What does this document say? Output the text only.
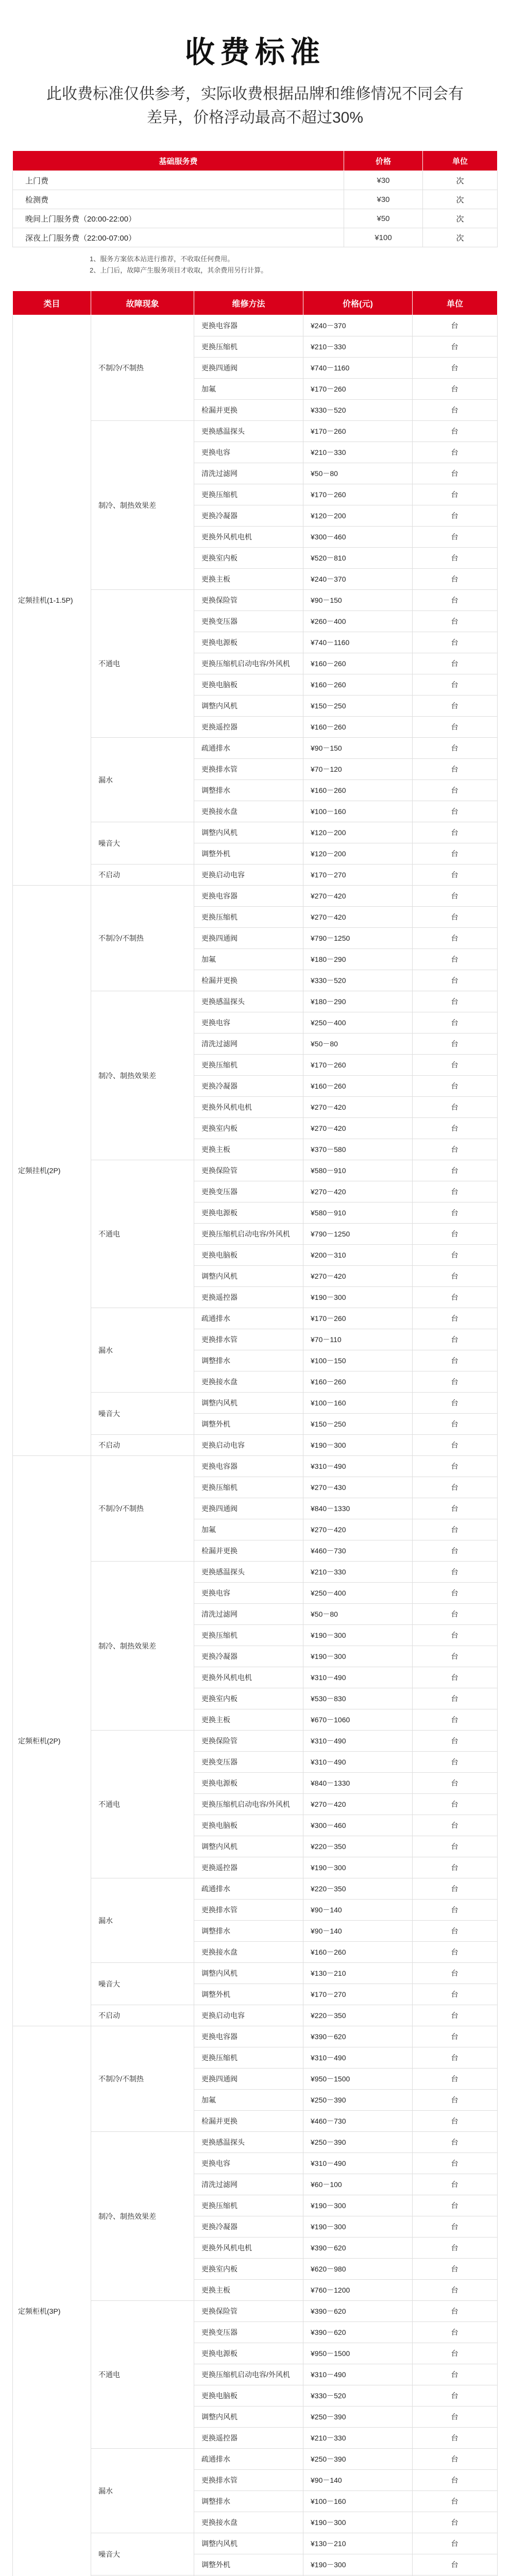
收费标准
此收费标准仅供参考，实际收费根据品牌和维修情况不同会有差异，价格浮动最高不超过30%
基础服务费	价格	单位
上门费	¥30	次
检测费	¥30	次
晚间上门服务费（20:00-22:00）	¥50	次
深夜上门服务费（22:00-07:00）	¥100	次
1、服务方案依本站进行推荐，不收取任何费用。
2、上门后，故障产生服务项目才收取，其余费用另行计算。
类目	故障现象	维修方法	价格(元)	单位
定频挂机(1-1.5P)	不制冷/不制热	更换电容器	¥240－370	台
		更换压缩机	¥210－330	台
		更换四通阀	¥740－1160	台
		加氟	¥170－260	台
		检漏并更换	¥330－520	台
	制冷、制热效果差	更换感温探头	¥170－260	台
		更换电容	¥210－330	台
		清洗过滤网	¥50－80	台
		更换压缩机	¥170－260	台
		更换冷凝器	¥120－200	台
		更换外风机电机	¥300－460	台
		更换室内板	¥520－810	台
		更换主板	¥240－370	台
	不通电	更换保险管	¥90－150	台
		更换变压器	¥260－400	台
		更换电源板	¥740－1160	台
		更换压缩机启动电容/外风机	¥160－260	台
		更换电脑板	¥160－260	台
		调整内风机	¥150－250	台
		更换遥控器	¥160－260	台
	漏水	疏通排水	¥90－150	台
		更换排水管	¥70－120	台
		调整排水	¥160－260	台
		更换接水盘	¥100－160	台
	噪音大	调整内风机	¥120－200	台
		调整外机	¥120－200	台
	不启动	更换启动电容	¥170－270	台
定频挂机(2P)	不制冷/不制热	更换电容器	¥270－420	台
		更换压缩机	¥270－420	台
		更换四通阀	¥790－1250	台
		加氟	¥180－290	台
		检漏并更换	¥330－520	台
	制冷、制热效果差	更换感温探头	¥180－290	台
		更换电容	¥250－400	台
		清洗过滤网	¥50－80	台
		更换压缩机	¥170－260	台
		更换冷凝器	¥160－260	台
		更换外风机电机	¥270－420	台
		更换室内板	¥270－420	台
		更换主板	¥370－580	台
	不通电	更换保险管	¥580－910	台
		更换变压器	¥270－420	台
		更换电源板	¥580－910	台
		更换压缩机启动电容/外风机	¥790－1250	台
		更换电脑板	¥200－310	台
		调整内风机	¥270－420	台
		更换遥控器	¥190－300	台
	漏水	疏通排水	¥170－260	台
		更换排水管	¥70－110	台
		调整排水	¥100－150	台
		更换接水盘	¥160－260	台
	噪音大	调整内风机	¥100－160	台
		调整外机	¥150－250	台
	不启动	更换启动电容	¥190－300	台
定频柜机(2P)	不制冷/不制热	更换电容器	¥310－490	台
		更换压缩机	¥270－430	台
		更换四通阀	¥840－1330	台
		加氟	¥270－420	台
		检漏并更换	¥460－730	台
	制冷、制热效果差	更换感温探头	¥210－330	台
		更换电容	¥250－400	台
		清洗过滤网	¥50－80	台
		更换压缩机	¥190－300	台
		更换冷凝器	¥190－300	台
		更换外风机电机	¥310－490	台
		更换室内板	¥530－830	台
		更换主板	¥670－1060	台
	不通电	更换保险管	¥310－490	台
		更换变压器	¥310－490	台
		更换电源板	¥840－1330	台
		更换压缩机启动电容/外风机	¥270－420	台
		更换电脑板	¥300－460	台
		调整内风机	¥220－350	台
		更换遥控器	¥190－300	台
	漏水	疏通排水	¥220－350	台
		更换排水管	¥90－140	台
		调整排水	¥90－140	台
		更换接水盘	¥160－260	台
	噪音大	调整内风机	¥130－210	台
		调整外机	¥170－270	台
	不启动	更换启动电容	¥220－350	台
定频柜机(3P)	不制冷/不制热	更换电容器	¥390－620	台
		更换压缩机	¥310－490	台
		更换四通阀	¥950－1500	台
		加氟	¥250－390	台
		检漏并更换	¥460－730	台
	制冷、制热效果差	更换感温探头	¥250－390	台
		更换电容	¥310－490	台
		清洗过滤网	¥60－100	台
		更换压缩机	¥190－300	台
		更换冷凝器	¥190－300	台
		更换外风机电机	¥390－620	台
		更换室内板	¥620－980	台
		更换主板	¥760－1200	台
	不通电	更换保险管	¥390－620	台
		更换变压器	¥390－620	台
		更换电源板	¥950－1500	台
		更换压缩机启动电容/外风机	¥310－490	台
		更换电脑板	¥330－520	台
		调整内风机	¥250－390	台
		更换遥控器	¥210－330	台
	漏水	疏通排水	¥250－390	台
		更换排水管	¥90－140	台
		调整排水	¥100－160	台
		更换接水盘	¥190－300	台
	噪音大	调整内风机	¥130－210	台
		调整外机	¥190－300	台
